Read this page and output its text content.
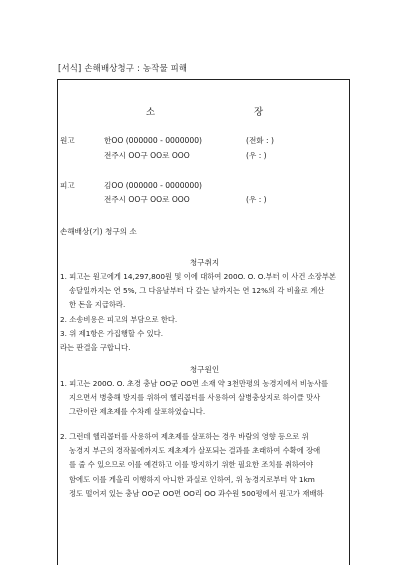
[서식] 손해배상청구 : 농작물 피해
소 장
원고	한OO (000000 - 0000000)	(전화 : )
전주시 OO구 OO로 OOO	(우 : )
피고	김OO (000000 - 0000000)
전주시 OO구 OO로 OOO	(우 : )
손해배상(기) 청구의 소
청구취지
1. 피고는 원고에게 14,297,800원 및 이에 대하여 200O. O. O.부터 이 사건 소장부본
송달일까지는 연 5%, 그 다음날부터 다 갚는 날까지는 연 12%의 각 비율로 계산
한 돈을 지급하라.
2. 소송비용은 피고의 부담으로 한다.
3. 위 제1항은 가집행할 수 있다.
라는 판결을 구합니다.
청구원인
1. 피고는 200O. O. 초경 충남 OO군 OO면 소재 약 3천만평의 농경지에서 비농사를
지으면서 병충해 방지를 위하여 헬리콥터를 사용하여 살병충상지로 하이클 맛사
그란이란 제초제를 수차례 살포하였습니다.
2. 그런데 헬리콥터를 사용하여 제초제를 살포하는 경우 바람의 영향 등으로 위
농경지 부근의 경작물에까지도 제초제가 살포되는 결과를 초래하여 수확에 장애
를 줄 수 있으므로 이를 예견하고 이를 방지하기 위한 필요한 조치를 취하여야
함에도 이를 게을리 이행하지 아니한 과실로 인하여, 위 농경지로부터 약 1km
정도 떨어져 있는 충남 OO군 OO면 OO리 OO 과수원 500평에서 원고가 재배하
